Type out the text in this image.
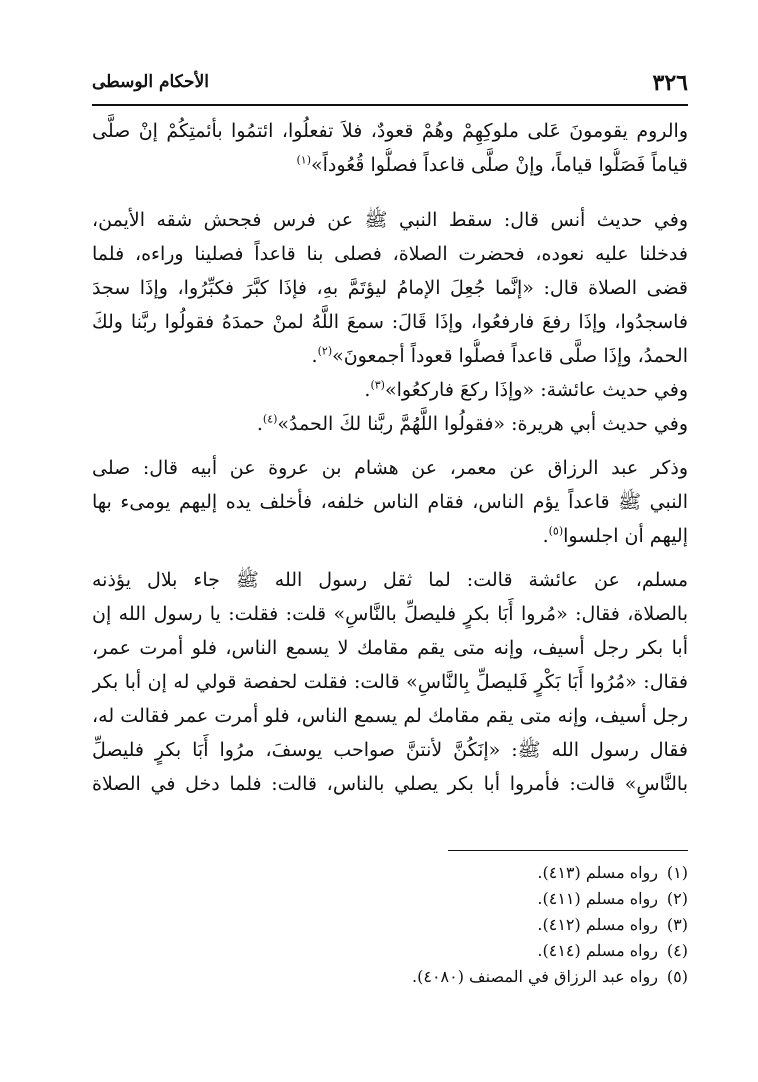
٣٢٦
الأحكام الوسطى
والروم يقومونَ عَلى ملوكِهِمْ وهُمْ قعودٌ، فلاَ تفعلُوا، ائتمُوا بأئمتِكُمْ إنْ صلَّى
قياماً فَصَلُّوا قياماً، وإنْ صلَّى قاعداً فصلُّوا قُعُوداً»$^{(١)}$
وفي حديث أنس قال: سقط النبي ﷺ عن فرس فجحش شقه الأيمن،
فدخلنا عليه نعوده، فحضرت الصلاة، فصلى بنا قاعداً فصلينا وراءه، فلما
قضى الصلاة قال: «إنَّما جُعِلَ الإمامُ ليؤتَمَّ بهِ، فإذَا كبَّرَ فكبِّرُوا، وإذَا سجدَ
فاسجدُوا، وإذَا رفعَ فارفعُوا، وإذَا قَالَ: سمعَ اللَّهُ لمنْ حمدَهُ فقولُوا ربَّنا ولكَ
الحمدُ، وإذَا صلَّى قاعداً فصلُّوا قعوداً أجمعونَ»$^{(٢)}$.
وفي حديث عائشة: «وإذَا ركعَ فاركعُوا»$^{(٣)}$.
وفي حديث أبي هريرة: «فقولُوا اللَّهُمَّ ربَّنا لكَ الحمدُ»$^{(٤)}$.
وذكر عبد الرزاق عن معمر، عن هشام بن عروة عن أبيه قال: صلى
النبي ﷺ قاعداً يؤم الناس، فقام الناس خلفه، فأخلف يده إليهم يومىء بها
إليهم أن اجلسوا$^{(٥)}$.
مسلم، عن عائشة قالت: لما ثقل رسول الله ﷺ جاء بلال يؤذنه
بالصلاة، فقال: «مُروا أَبَا بكرٍ فليصلِّ بالنَّاسِ» قلت: فقلت: يا رسول الله إن
أبا بكر رجل أسيف، وإنه متى يقم مقامك لا يسمع الناس، فلو أمرت عمر،
فقال: «مُرُوا أَبَا بَكْرٍ فَليصلِّ بِالنَّاسِ» قالت: فقلت لحفصة قولي له إن أبا بكر
رجل أسيف، وإنه متى يقم مقامك لم يسمع الناس، فلو أمرت عمر فقالت له،
فقال رسول الله ﷺ: «إنَكُنَّ لأنتنَّ صواحب يوسفَ، مرُوا أَبَا بكرٍ فليصلِّ
بالنَّاسِ» قالت: فأمروا أبا بكر يصلي بالناس، قالت: فلما دخل في الصلاة
(١)رواه مسلم (٤١٣).
(٢)رواه مسلم (٤١١).
(٣)رواه مسلم (٤١٢).
(٤)رواه مسلم (٤١٤).
(٥)رواه عبد الرزاق في المصنف (٤٠٨٠).
